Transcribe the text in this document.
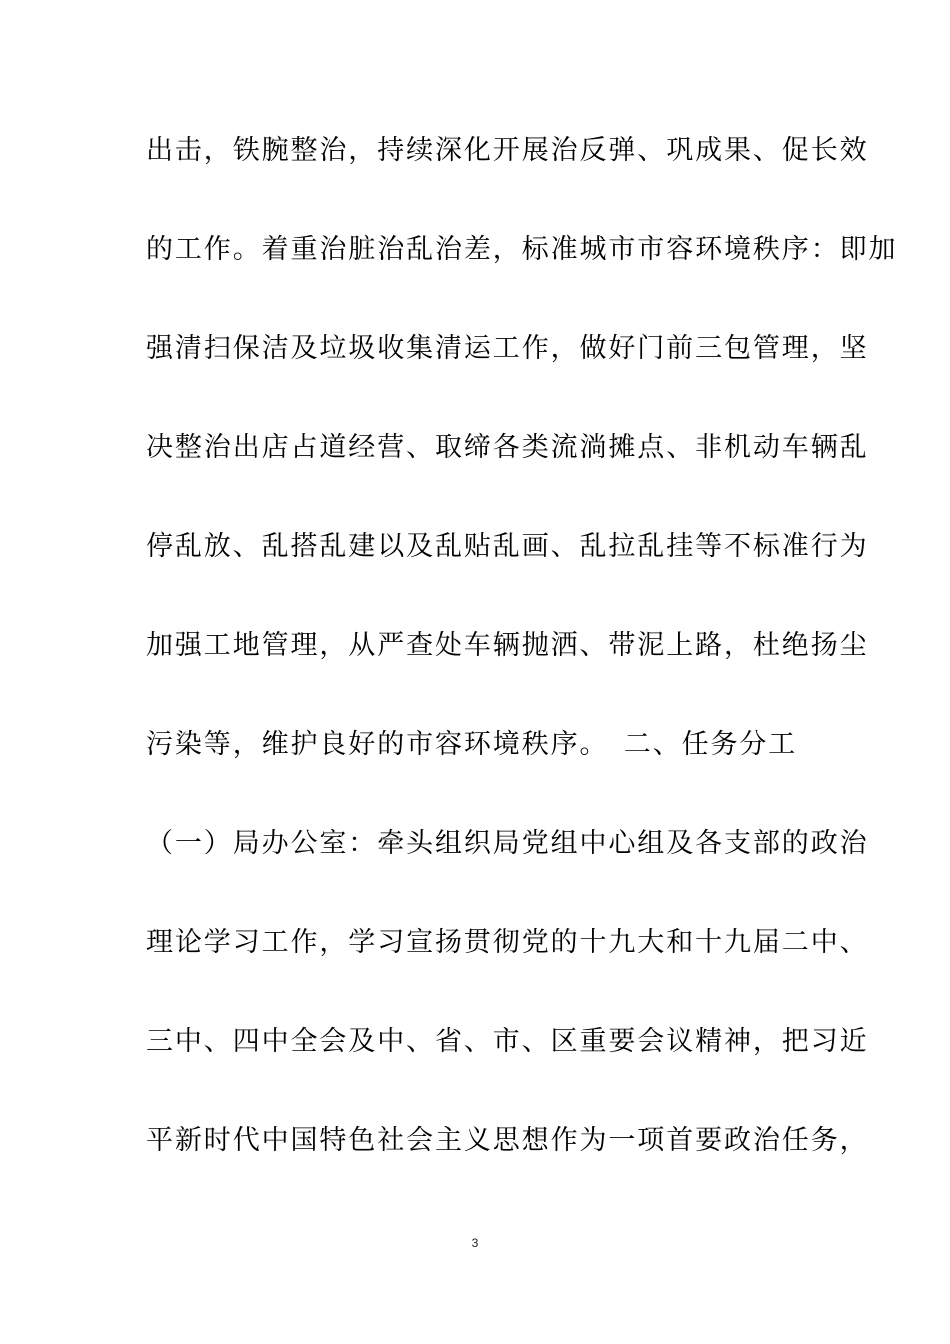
出击，铁腕整治，持续深化开展治反弹、巩成果、促长效
的工作。着重治脏治乱治差，标准城市市容环境秩序：即加
强清扫保洁及垃圾收集清运工作，做好门前三包管理，坚
决整治出店占道经营、取缔各类流淌摊点、非机动车辆乱
停乱放、乱搭乱建以及乱贴乱画、乱拉乱挂等不标准行为
加强工地管理，从严查处车辆抛洒、带泥上路，杜绝扬尘
污染等，维护良好的市容环境秩序。　二、任务分工
（一）局办公室：牵头组织局党组中心组及各支部的政治
理论学习工作，学习宣扬贯彻党的十九大和十九届二中、
三中、四中全会及中、省、市、区重要会议精神，把习近
平新时代中国特色社会主义思想作为一项首要政治任务，
3
